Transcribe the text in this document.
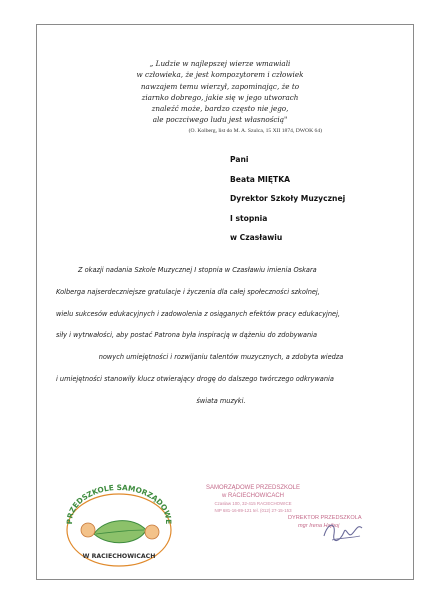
„ Ludzie w najlepszej wierze wmawiali
w człowieka, że jest kompozytorem i człowiek
nawzajem temu wierzył, zapominając, że to
ziarnko dobrego, jakie się w jego utworach
znaleźć może, bardzo często nie jego,
ale poczciwego ludu jest własnością"
(O. Kolberg, list do M. A. Szulca, 15 XII 1874, DWOK 64)
Pani
Beata MIĘTKA
Dyrektor Szkoły Muzycznej
I stopnia
w Czasławiu
Z okazji nadania Szkole Muzycznej I stopnia w Czasławiu imienia Oskara
Kolberga najserdeczniejsze gratulacje i życzenia dla całej społeczności szkolnej,
wielu sukcesów edukacyjnych i zadowolenia z osiąganych efektów pracy edukacyjnej,
siły i wytrwałości, aby postać Patrona była inspiracją w dążeniu do zdobywania
nowych umiejętności i rozwijaniu talentów muzycznych, a zdobyta wiedza
i umiejętności stanowiły klucz otwierający drogę do dalszego twórczego odkrywania
świata muzyki.
PRZEDSZKOLE SAMORZĄDOWE
W RACIECHOWICACH
SAMORZĄDOWE PRZEDSZKOLE
w RACIECHOWICACH
Czasław 100, 32-415 RACIECHOWICE
NIP 681-16-89-121 tel. (012) 27-15-153
DYREKTOR PRZEDSZKOLA
mgr Irena Hajboj
